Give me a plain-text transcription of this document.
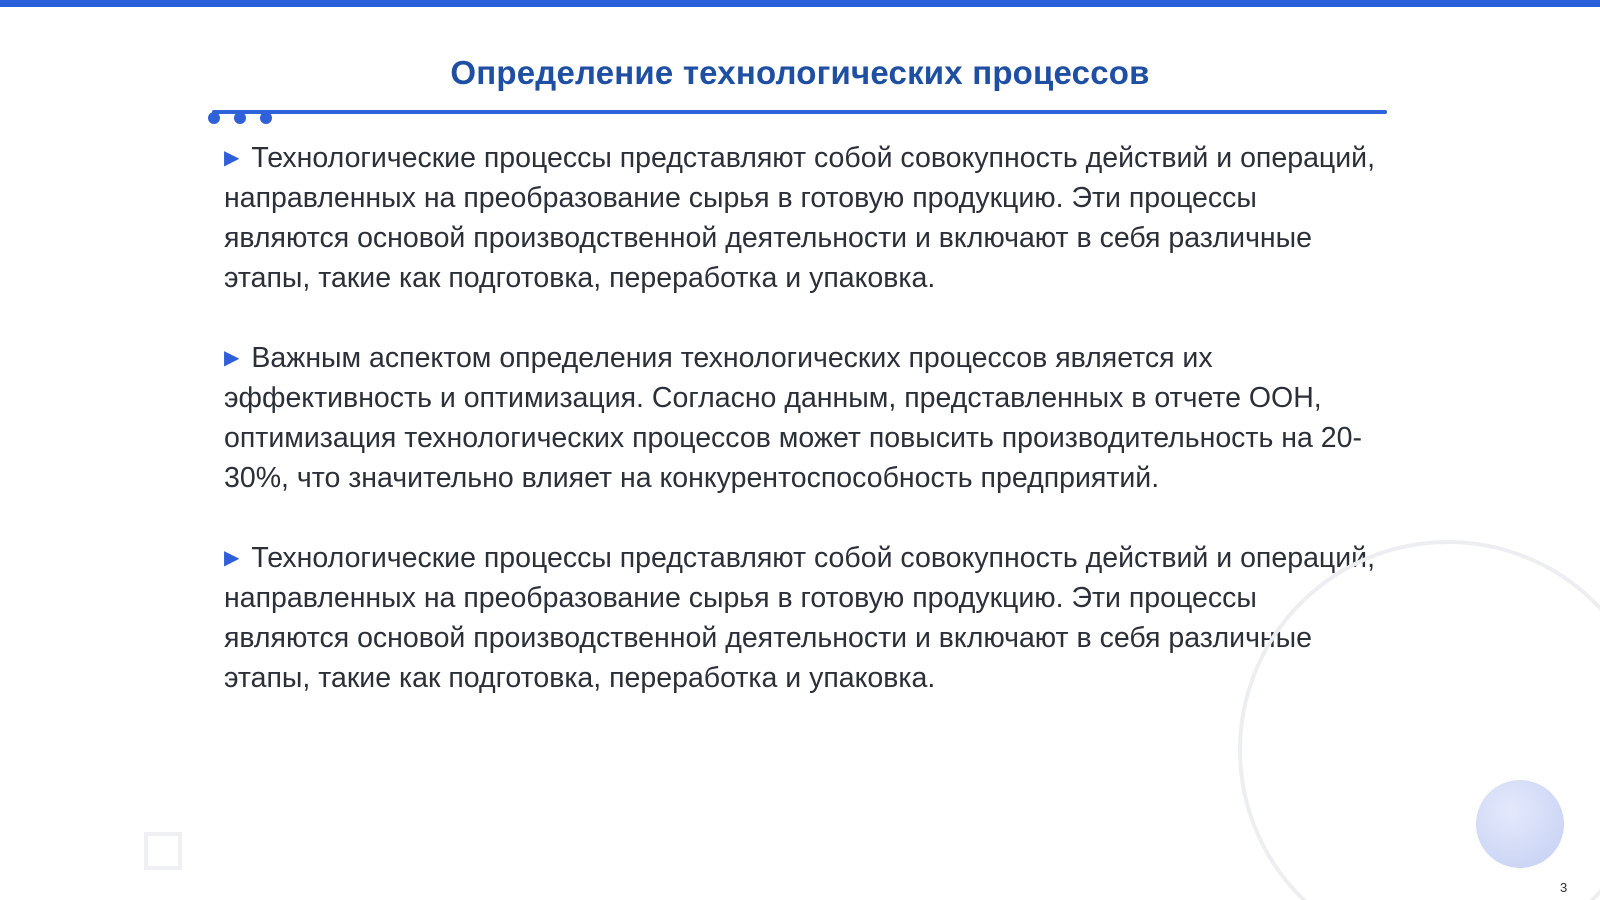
Определение технологических процессов

▶ Технологические процессы представляют собой совокупность действий и операций, направленных на преобразование сырья в готовую продукцию. Эти процессы являются основой производственной деятельности и включают в себя различные этапы, такие как подготовка, переработка и упаковка.

▶ Важным аспектом определения технологических процессов является их эффективность и оптимизация. Согласно данным, представленных в отчете ООН, оптимизация технологических процессов может повысить производительность на 20-30%, что значительно влияет на конкурентоспособность предприятий.

▶ Технологические процессы представляют собой совокупность действий и операций, направленных на преобразование сырья в готовую продукцию. Эти процессы являются основой производственной деятельности и включают в себя различные этапы, такие как подготовка, переработка и упаковка.

3
